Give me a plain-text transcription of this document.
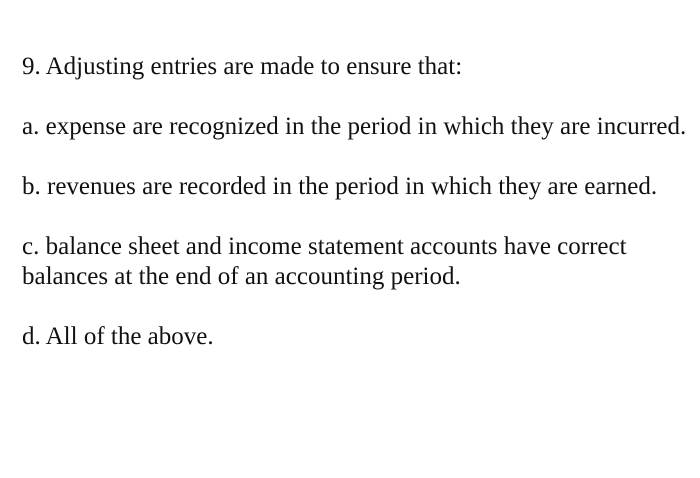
9. Adjusting entries are made to ensure that:

a. expense are recognized in the period in which they are incurred.

b. revenues are recorded in the period in which they are earned.

c. balance sheet and income statement accounts have correct balances at the end of an accounting period.

d. All of the above.
